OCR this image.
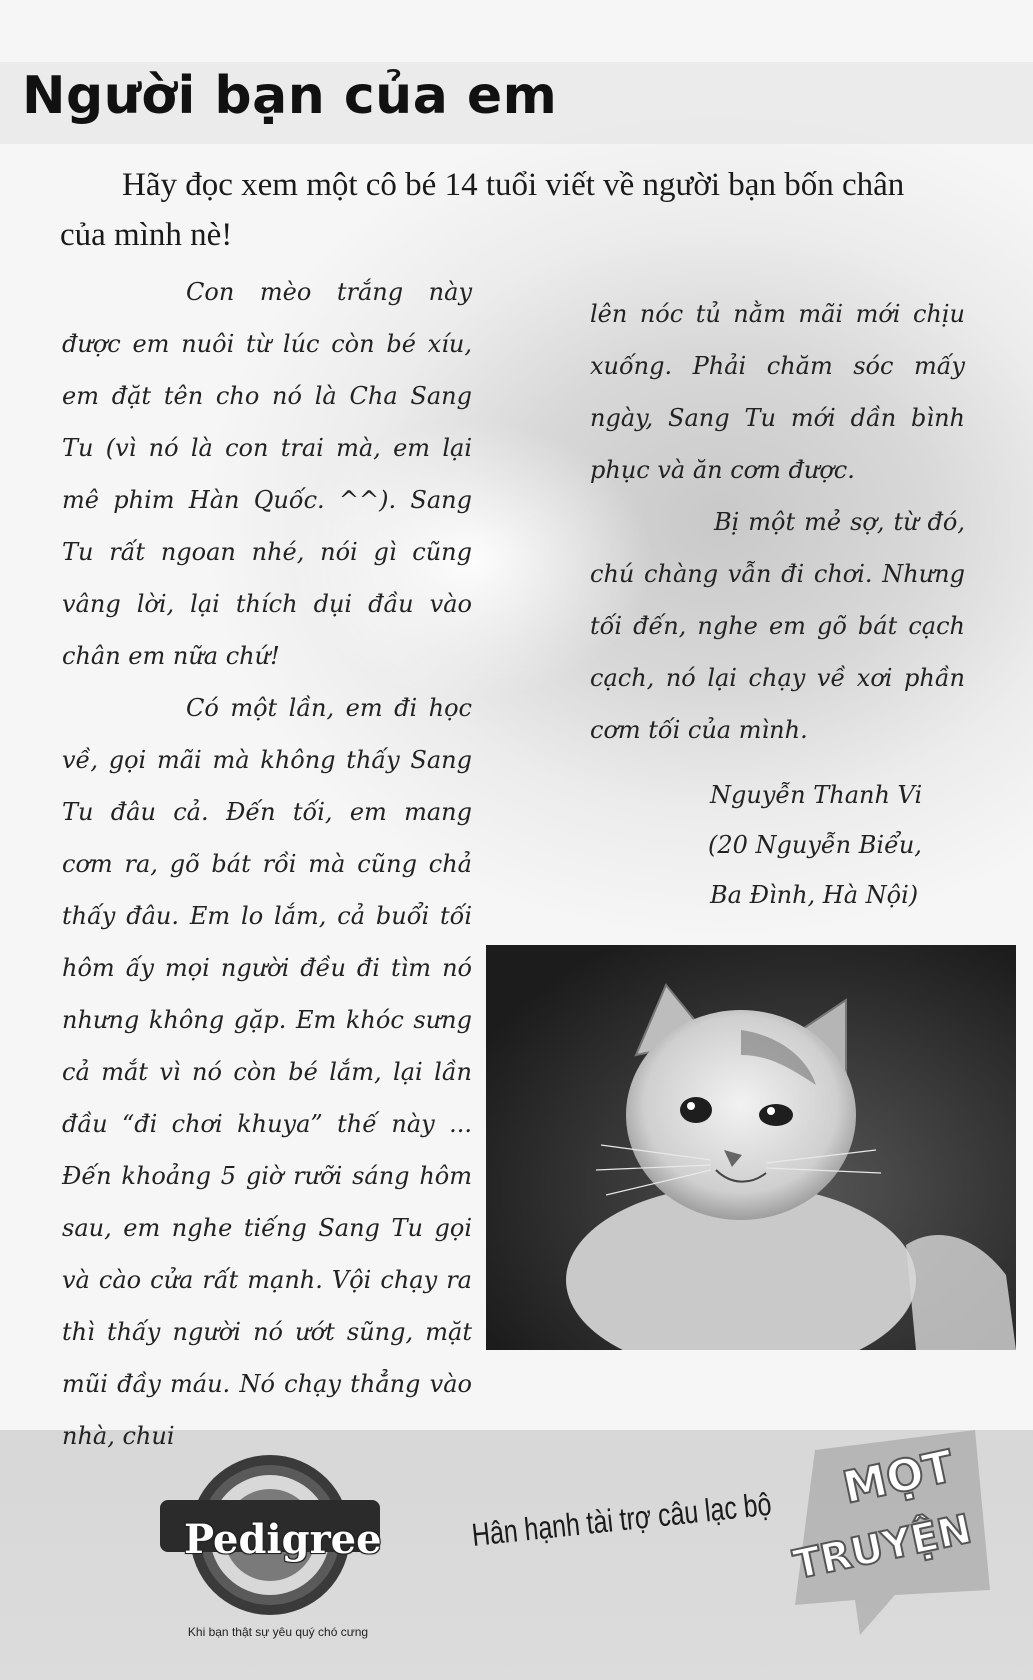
Người bạn của em

Hãy đọc xem một cô bé 14 tuổi viết về người bạn bốn chân của mình nè!

Con mèo trắng này được em nuôi từ lúc còn bé xíu, em đặt tên cho nó là Cha Sang Tu (vì nó là con trai mà, em lại mê phim Hàn Quốc. ^^). Sang Tu rất ngoan nhé, nói gì cũng vâng lời, lại thích dụi đầu vào chân em nữa chứ!

Có một lần, em đi học về, gọi mãi mà không thấy Sang Tu đâu cả. Đến tối, em mang cơm ra, gõ bát rồi mà cũng chả thấy đâu. Em lo lắm, cả buổi tối hôm ấy mọi người đều đi tìm nó nhưng không gặp. Em khóc sưng cả mắt vì nó còn bé lắm, lại lần đầu “đi chơi khuya” thế này ... Đến khoảng 5 giờ rưỡi sáng hôm sau, em nghe tiếng Sang Tu gọi và cào cửa rất mạnh. Vội chạy ra thì thấy người nó ướt sũng, mặt mũi đầy máu. Nó chạy thẳng vào nhà, chui

lên nóc tủ nằm mãi mới chịu xuống. Phải chăm sóc mấy ngày, Sang Tu mới dần bình phục và ăn cơm được.

Bị một mẻ sợ, từ đó, chú chàng vẫn đi chơi. Nhưng tối đến, nghe em gõ bát cạch cạch, nó lại chạy về xơi phần cơm tối của mình.

Nguyễn Thanh Vi
(20 Nguyễn Biểu,
Ba Đình, Hà Nội)
Pedigree
Khi bạn thật sự yêu quý chó cưng
Hân hạnh tài trợ câu lạc bộ
MỌT
TRUYỆN
